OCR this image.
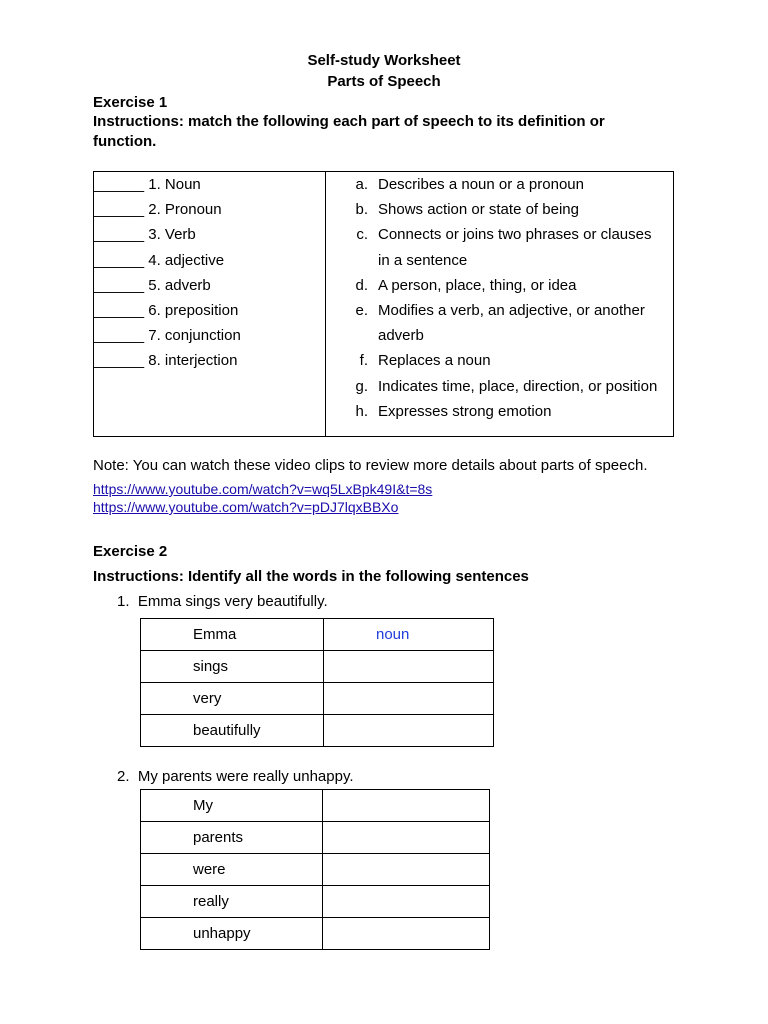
Self-study Worksheet
Parts of Speech
Exercise 1
Instructions: match the following each part of speech to its definition or
function.
______ 1. Noun
______ 2. Pronoun
______ 3. Verb
______ 4. adjective
______ 5. adverb
______ 6. preposition
______ 7. conjunction
______ 8. interjection

a. Describes a noun or a pronoun
b. Shows action or state of being
c. Connects or joins two phrases or clauses
in a sentence
d. A person, place, thing, or idea
e. Modifies a verb, an adjective, or another
adverb
f. Replaces a noun
g. Indicates time, place, direction, or position
h. Expresses strong emotion
Note: You can watch these video clips to review more details about parts of speech.
https://www.youtube.com/watch?v=wq5LxBpk49I&t=8s
https://www.youtube.com/watch?v=pDJ7lqxBBXo
Exercise 2
Instructions: Identify all the words in the following sentences
1.  Emma sings very beautifully.
Emma	noun
sings	
very	
beautifully	
2.  My parents were really unhappy.
My	
parents	
were	
really	
unhappy	
